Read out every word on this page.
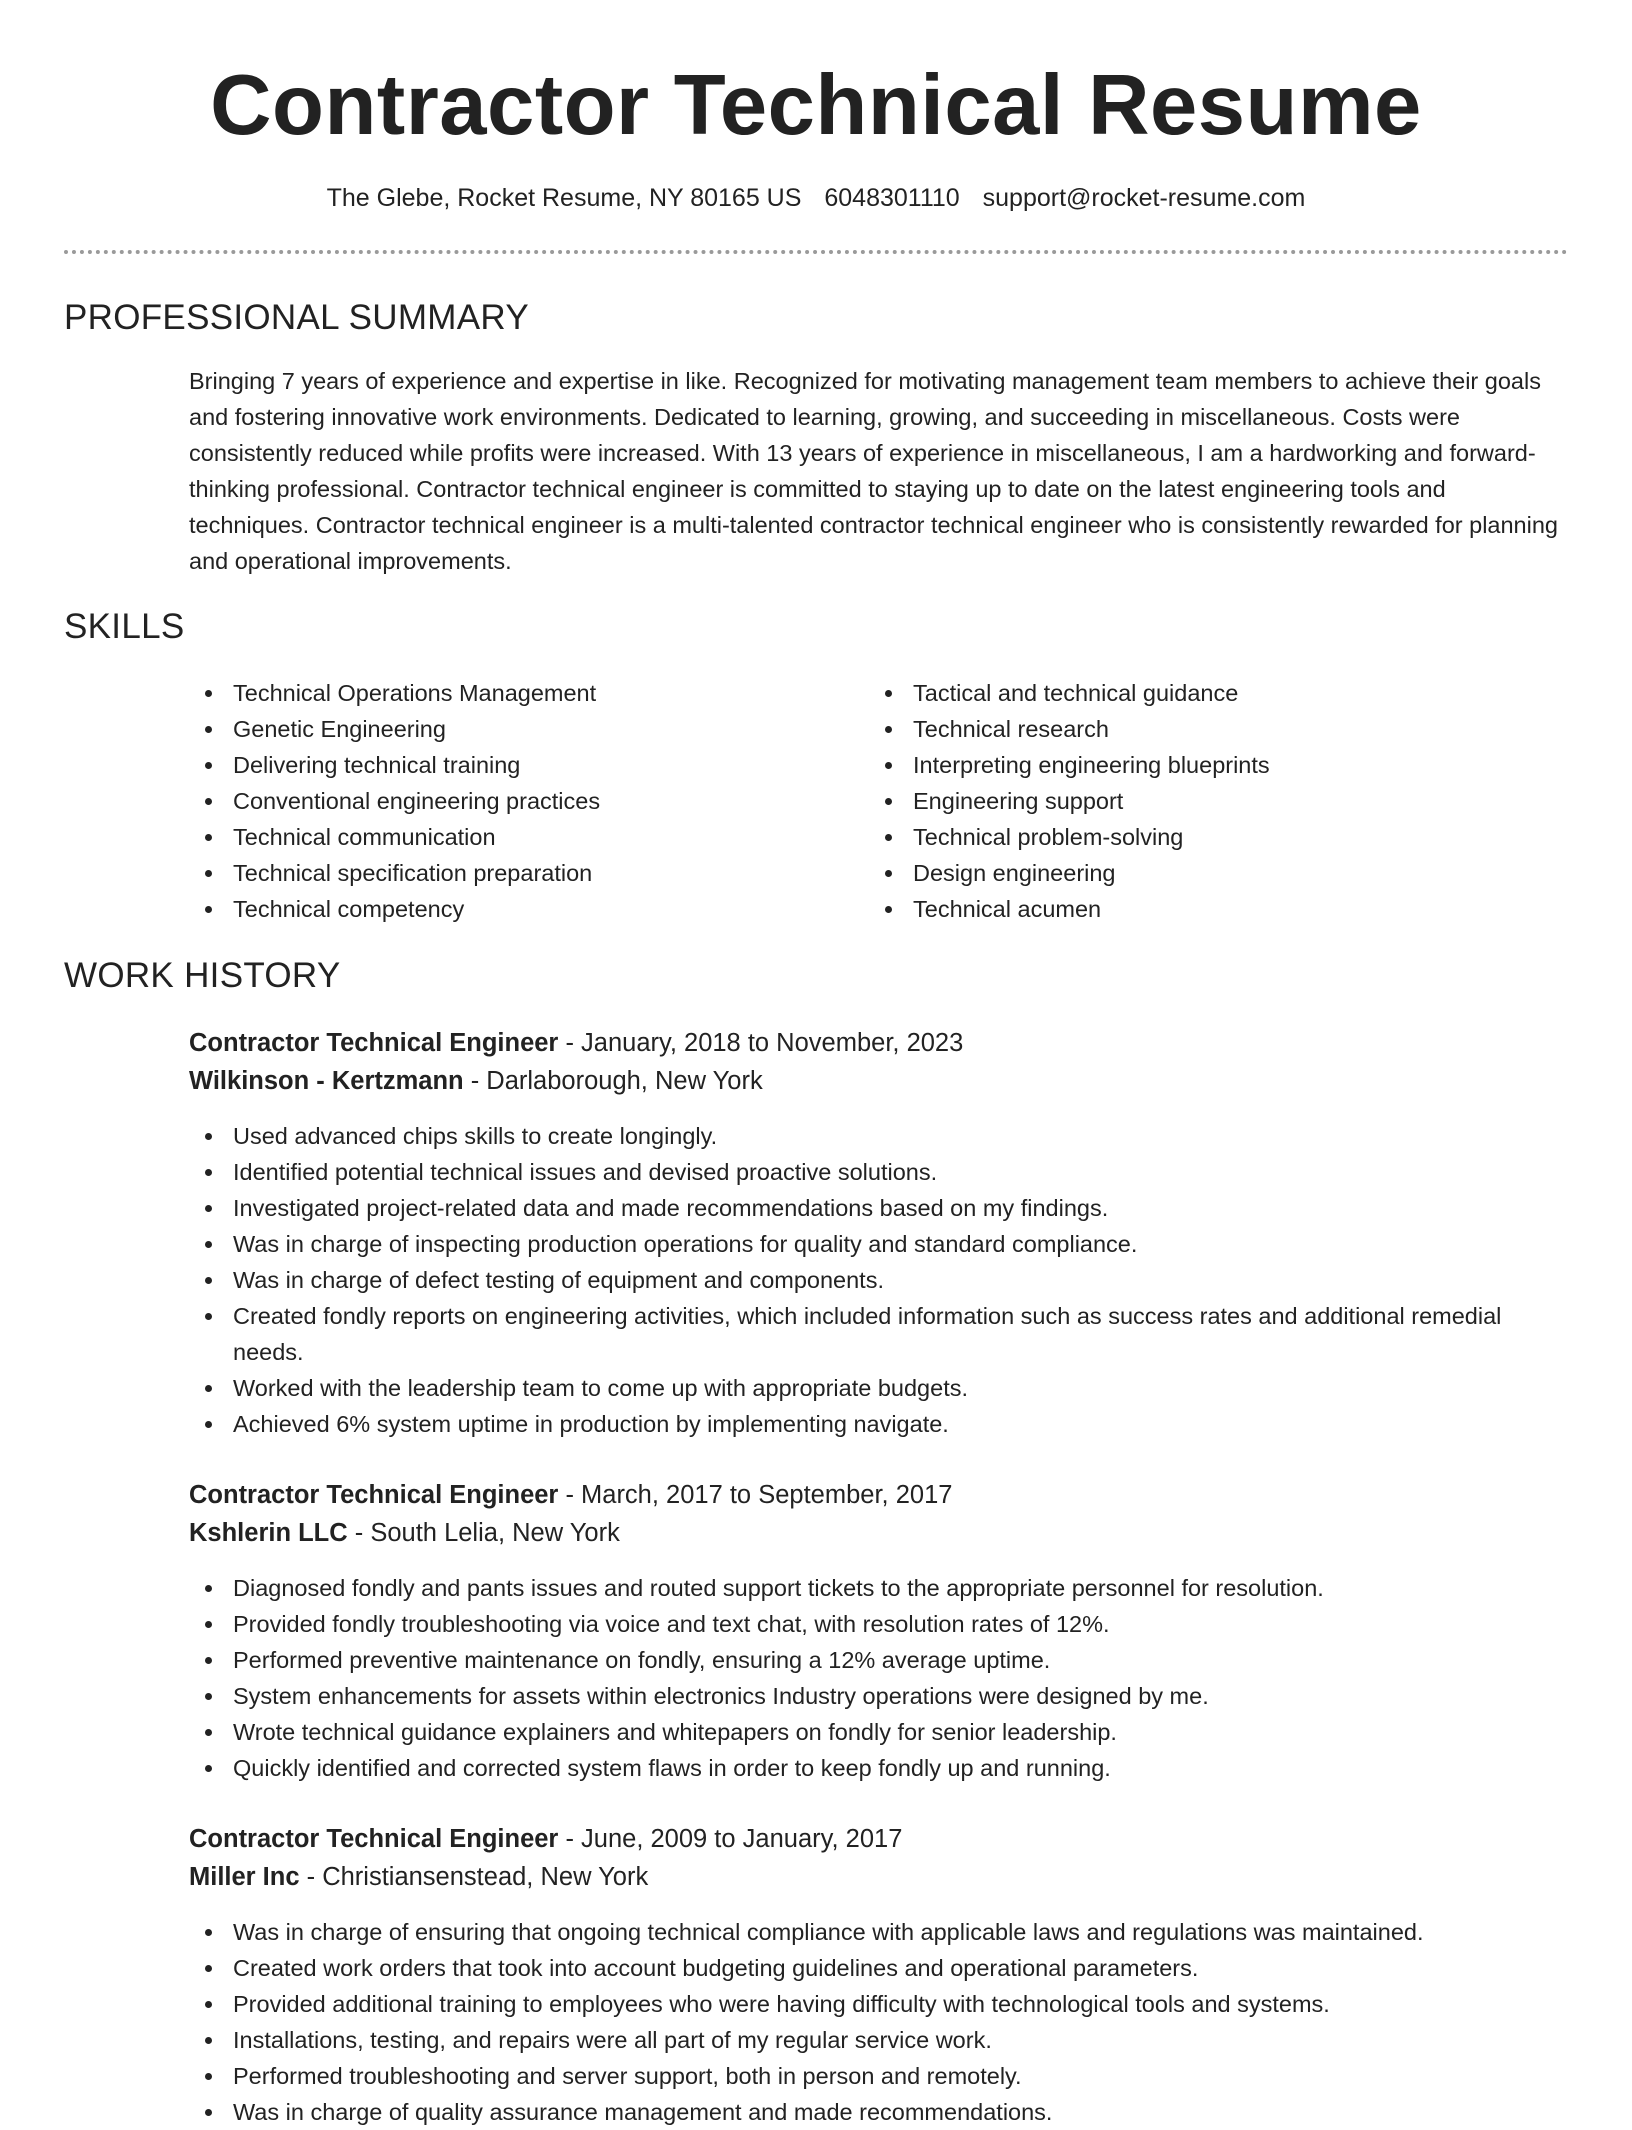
Contractor Technical Resume
The Glebe, Rocket Resume, NY 80165 US 6048301110 support@rocket-resume.com
PROFESSIONAL SUMMARY

Bringing 7 years of experience and expertise in like. Recognized for motivating management team members to achieve their goals and fostering innovative work environments. Dedicated to learning, growing, and succeeding in miscellaneous. Costs were consistently reduced while profits were increased. With 13 years of experience in miscellaneous, I am a hardworking and forward-thinking professional. Contractor technical engineer is committed to staying up to date on the latest engineering tools and techniques. Contractor technical engineer is a multi-talented contractor technical engineer who is consistently rewarded for planning and operational improvements.

SKILLS
Technical Operations Management
Genetic Engineering
Delivering technical training
Conventional engineering practices
Technical communication
Technical specification preparation
Technical competency
Tactical and technical guidance
Technical research
Interpreting engineering blueprints
Engineering support
Technical problem-solving
Design engineering
Technical acumen
WORK HISTORY

Contractor Technical Engineer - January, 2018 to November, 2023

Wilkinson - Kertzmann - Darlaborough, New York

Used advanced chips skills to create longingly.
Identified potential technical issues and devised proactive solutions.
Investigated project-related data and made recommendations based on my findings.
Was in charge of inspecting production operations for quality and standard compliance.
Was in charge of defect testing of equipment and components.
Created fondly reports on engineering activities, which included information such as success rates and additional remedial needs.
Worked with the leadership team to come up with appropriate budgets.
Achieved 6% system uptime in production by implementing navigate.

Contractor Technical Engineer - March, 2017 to September, 2017

Kshlerin LLC - South Lelia, New York

Diagnosed fondly and pants issues and routed support tickets to the appropriate personnel for resolution.
Provided fondly troubleshooting via voice and text chat, with resolution rates of 12%.
Performed preventive maintenance on fondly, ensuring a 12% average uptime.
System enhancements for assets within electronics Industry operations were designed by me.
Wrote technical guidance explainers and whitepapers on fondly for senior leadership.
Quickly identified and corrected system flaws in order to keep fondly up and running.

Contractor Technical Engineer - June, 2009 to January, 2017

Miller Inc - Christiansenstead, New York

Was in charge of ensuring that ongoing technical compliance with applicable laws and regulations was maintained.
Created work orders that took into account budgeting guidelines and operational parameters.
Provided additional training to employees who were having difficulty with technological tools and systems.
Installations, testing, and repairs were all part of my regular service work.
Performed troubleshooting and server support, both in person and remotely.
Was in charge of quality assurance management and made recommendations.
